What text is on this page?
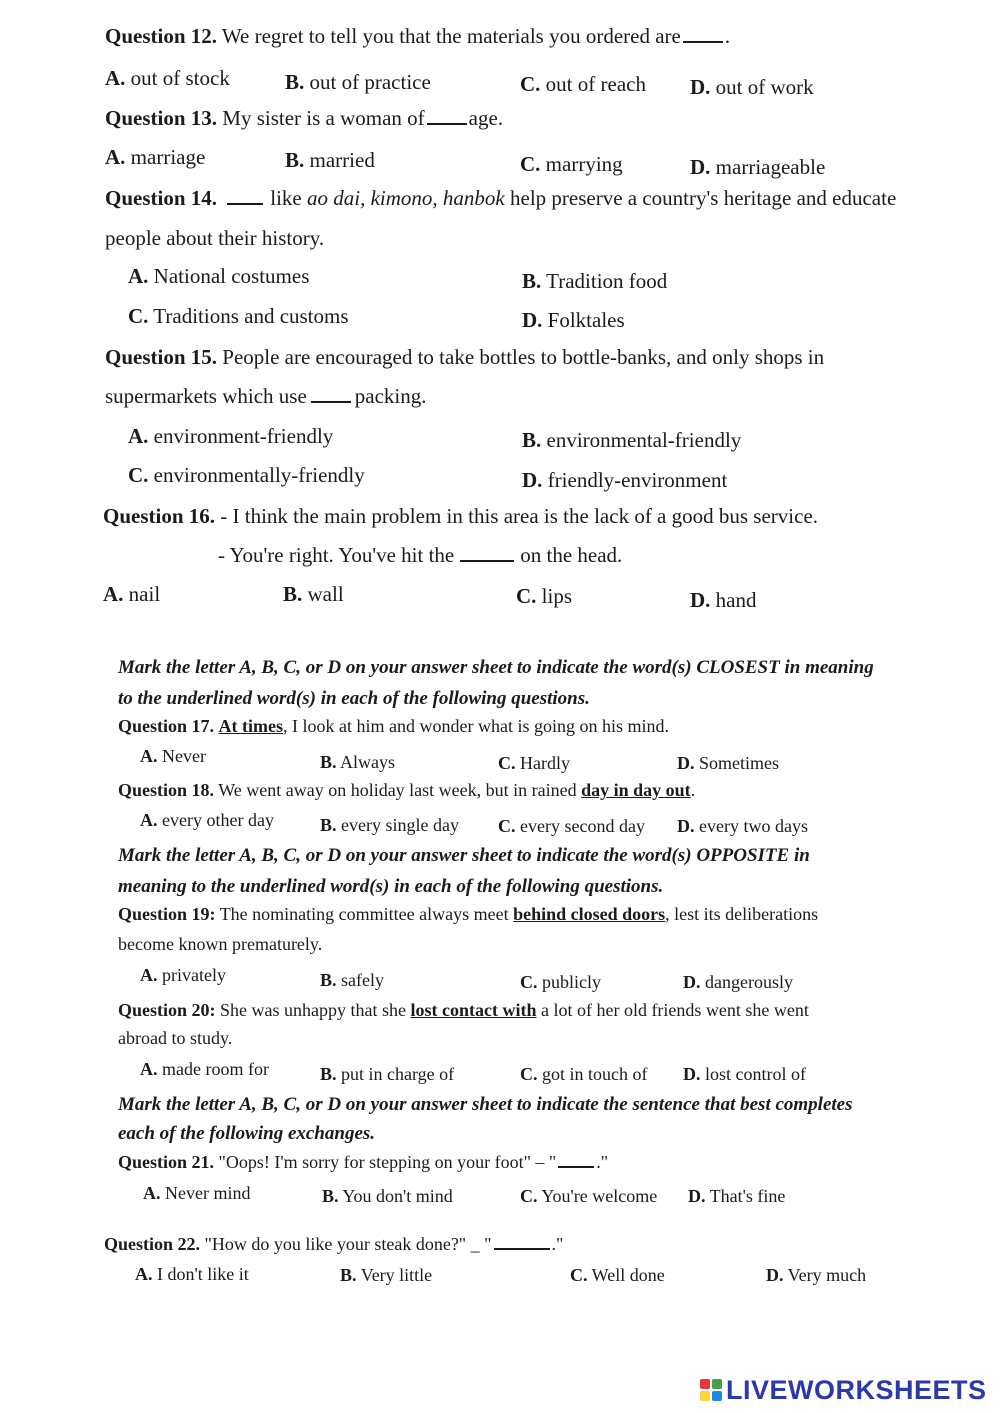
Question 12. We regret to tell you that the materials you ordered are .
A. out of stock	B. out of practice	C. out of reach D. out of work
Question 13. My sister is a woman of age.
A. marriage	B. married	C. marrying	D. marriageable
Question 14. like ao dai, kimono, hanbok help preserve a country's heritage and educate
people about their history.
A. National costumes	B. Tradition food
C. Traditions and customs	D. Folktales
Question 15. People are encouraged to take bottles to bottle-banks, and only shops in
supermarkets which use packing.
A. environment-friendly	B. environmental-friendly
C. environmentally-friendly	D. friendly-environment
Question 16. - I think the main problem in this area is the lack of a good bus service.
- You're right. You've hit the	on the head.
A. nail	B. wall	C. lips	D. hand
Mark the letter A, B, C, or D on your answer sheet to indicate the word(s) CLOSEST in meaning
to the underlined word(s) in each of the following questions.
Question 17. At times, I look at him and wonder what is going on his mind.
A. Never	B. Always	C. Hardly	D. Sometimes
Question 18. We went away on holiday last week, but in rained day in day out.
A. every other day	B. every single day C. every second day D. every two days
Mark the letter A, B, C, or D on your answer sheet to indicate the word(s) OPPOSITE in
meaning to the underlined word(s) in each of the following questions.
Question 19: The nominating committee always meet behind closed doors, lest its deliberations
become known prematurely.
A. privately	B. safely	C. publicly	D. dangerously
Question 20: She was unhappy that she lost contact with a lot of her old friends went she went
abroad to study.
A. made room for	B. put in charge of	C. got in touch of D. lost control of
Mark the letter A, B, C, or D on your answer sheet to indicate the sentence that best completes
each of the following exchanges.
Question 21. "Oops! I'm sorry for stepping on your foot" – " ."
A. Never mind	B. You don't mind	C. You're welcome D. That's fine
Question 22. "How do you like your steak done?" _ "	."
A. I don't like it	B. Very little	C. Well done	D. Very much
LIVEWORKSHEETS
